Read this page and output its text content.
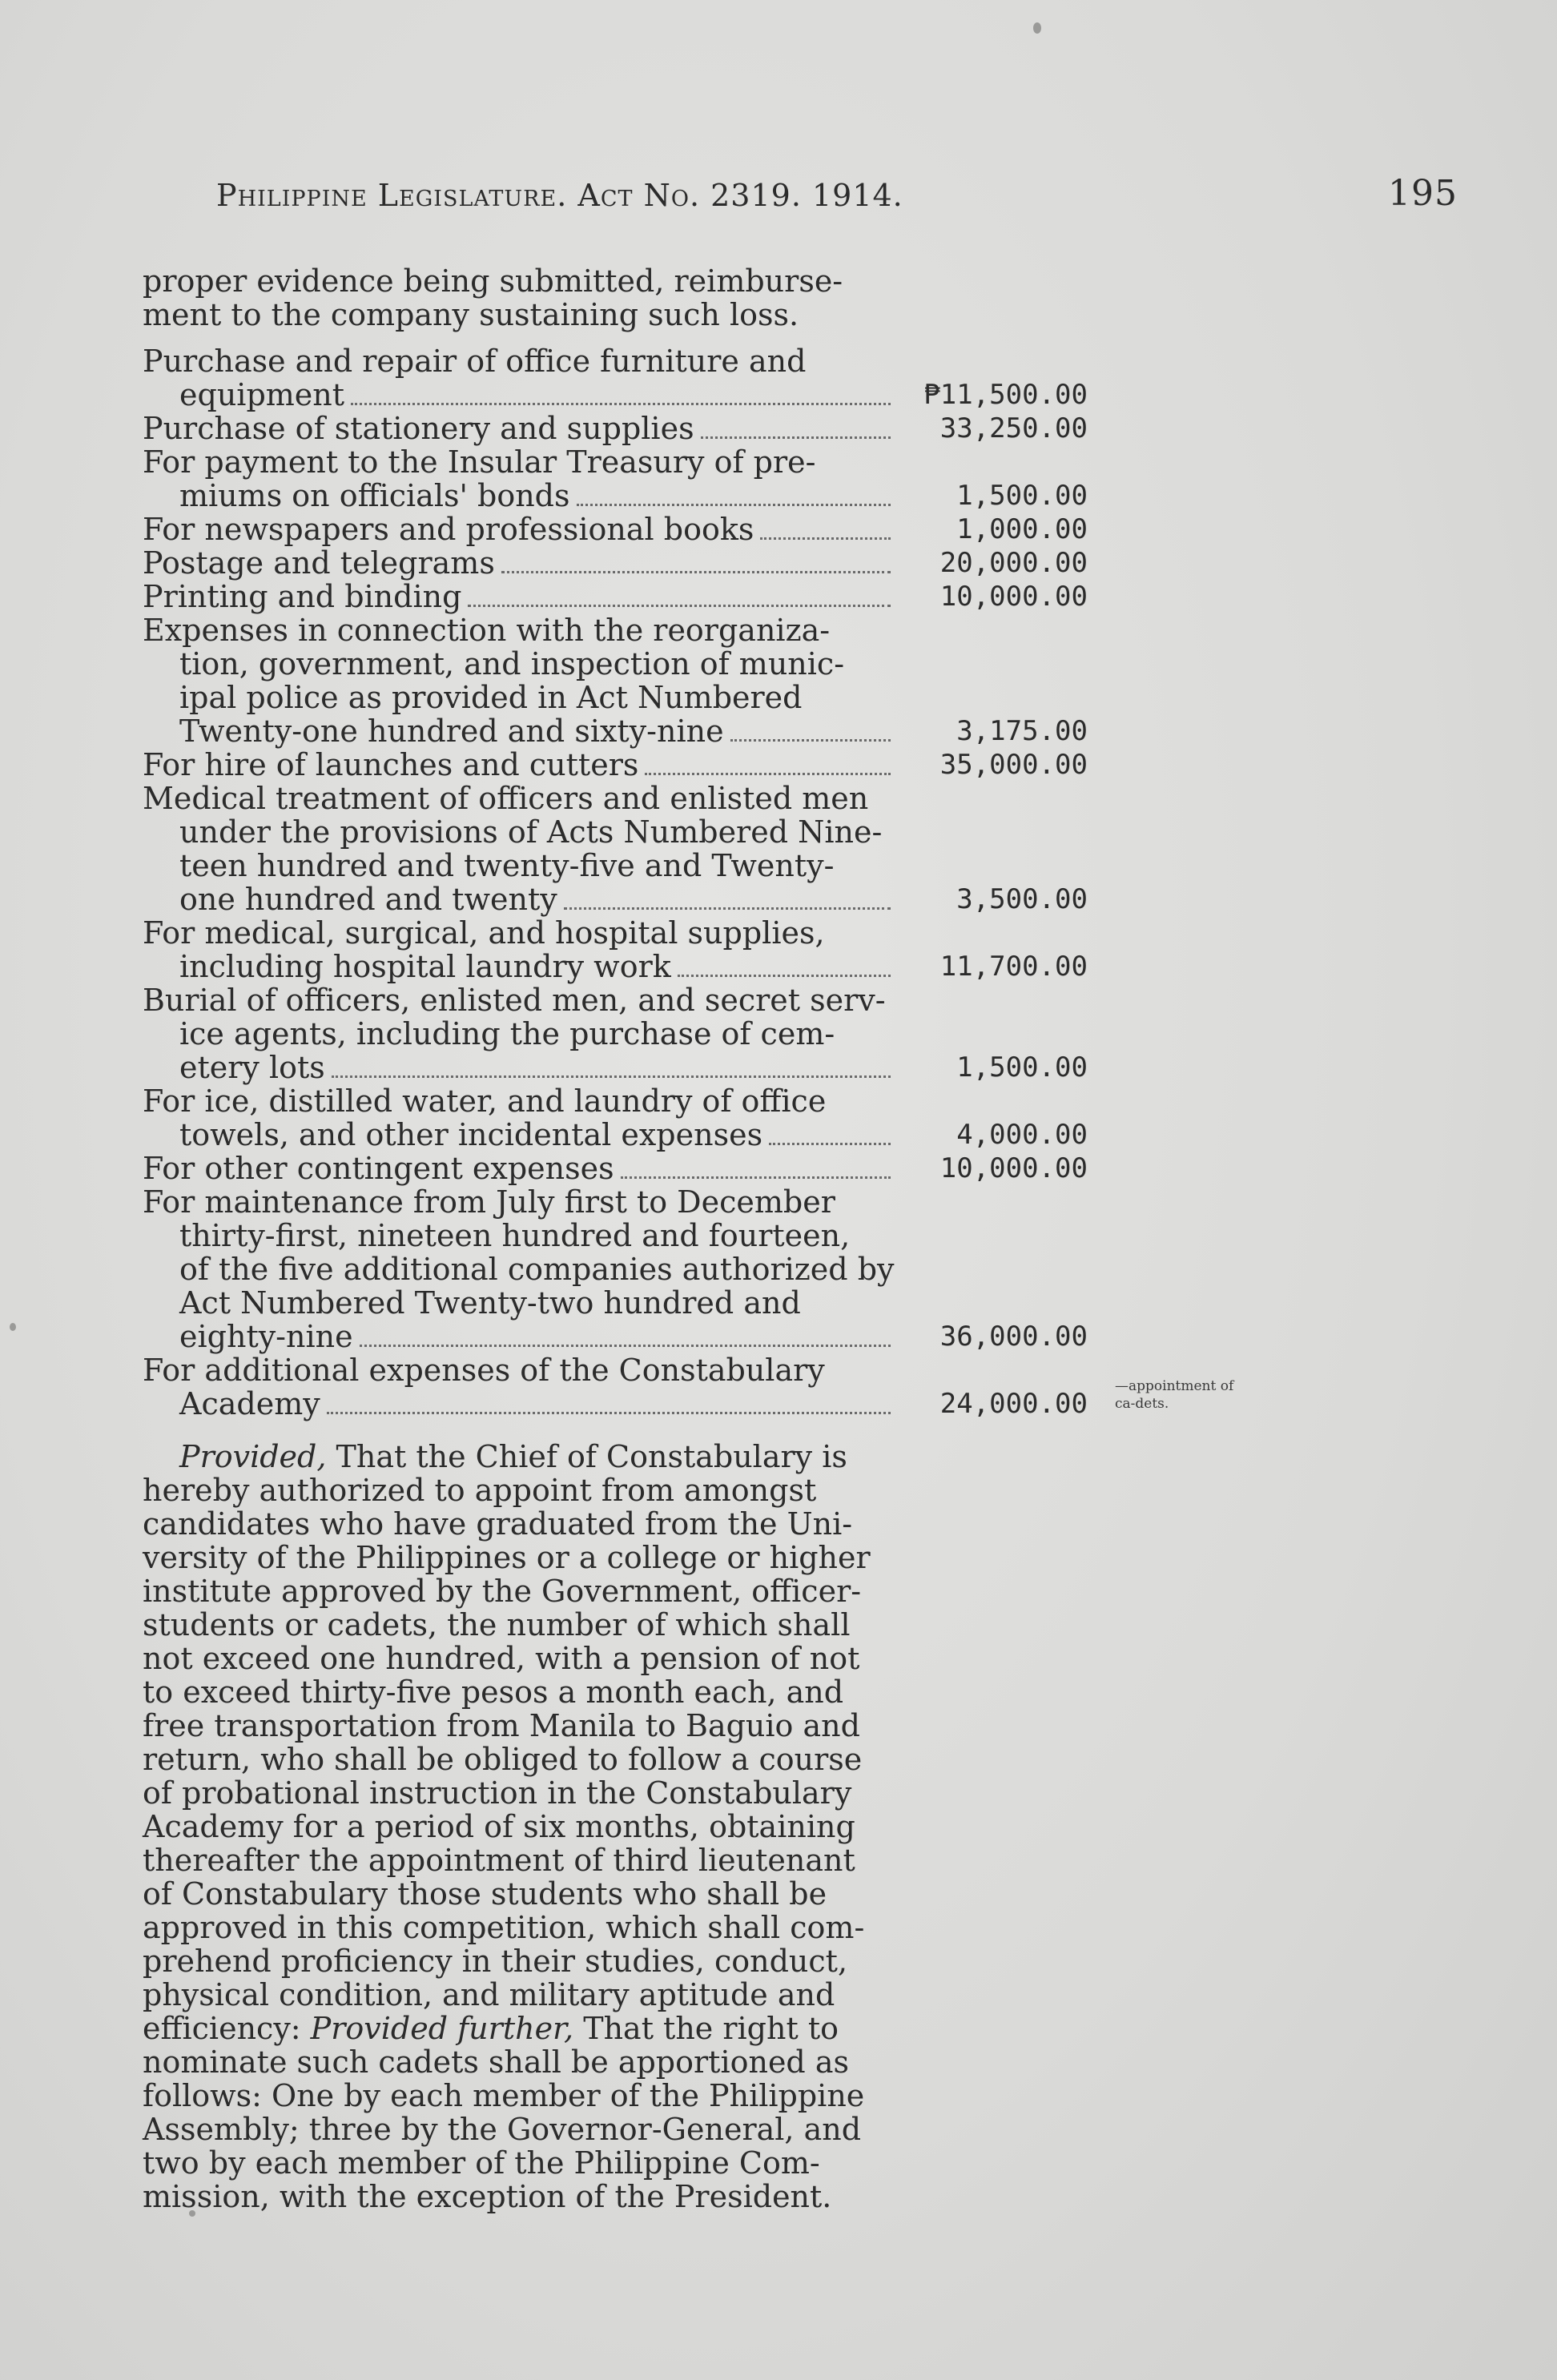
Philippine Legislature. Act No. 2319. 1914.	195
proper evidence being submitted, reimburse-
ment to the company sustaining such loss.
Purchase and repair of office furniture and
equipment	₱11,500.00
Purchase of stationery and supplies	33,250.00
For payment to the Insular Treasury of pre-
miums on officials' bonds	1,500.00
For newspapers and professional books	1,000.00
Postage and telegrams	20,000.00
Printing and binding	10,000.00
Expenses in connection with the reorganiza-
tion, government, and inspection of munic-
ipal police as provided in Act Numbered
Twenty-one hundred and sixty-nine	3,175.00
For hire of launches and cutters	35,000.00
Medical treatment of officers and enlisted men
under the provisions of Acts Numbered Nine-
teen hundred and twenty-five and Twenty-
one hundred and twenty	3,500.00
For medical, surgical, and hospital supplies,
including hospital laundry work	11,700.00
Burial of officers, enlisted men, and secret serv-
ice agents, including the purchase of cem-
etery lots	1,500.00
For ice, distilled water, and laundry of office
towels, and other incidental expenses	4,000.00
For other contingent expenses	10,000.00
For maintenance from July first to December
thirty-first, nineteen hundred and fourteen,
of the five additional companies authorized by
Act Numbered Twenty-two hundred and
eighty-nine	36,000.00
For additional expenses of the Constabulary
Academy	24,000.00
Provided, That the Chief of Constabulary is
hereby authorized to appoint from amongst
candidates who have graduated from the Uni-
versity of the Philippines or a college or higher
institute approved by the Government, officer-
students or cadets, the number of which shall
not exceed one hundred, with a pension of not
to exceed thirty-five pesos a month each, and
free transportation from Manila to Baguio and
return, who shall be obliged to follow a course
of probational instruction in the Constabulary
Academy for a period of six months, obtaining
thereafter the appointment of third lieutenant
of Constabulary those students who shall be
approved in this competition, which shall com-
prehend proficiency in their studies, conduct,
physical condition, and military aptitude and
efficiency: Provided further, That the right to
nominate such cadets shall be apportioned as
follows: One by each member of the Philippine
Assembly; three by the Governor-General, and
two by each member of the Philippine Com-
mission, with the exception of the President.
—appointment of ca-dets.
